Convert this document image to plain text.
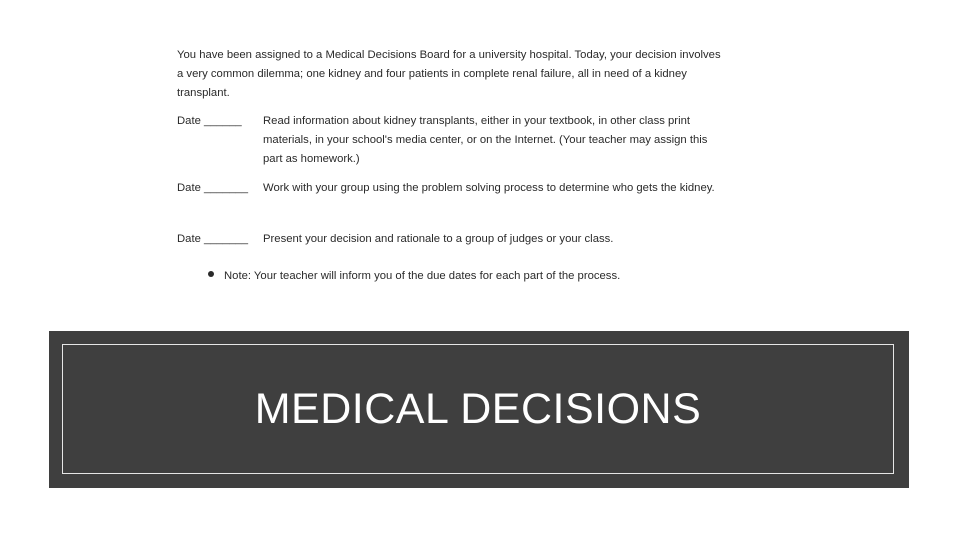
You have been assigned to a Medical Decisions Board for a university hospital. Today, your decision involves a very common dilemma; one kidney and four patients in complete renal failure, all in need of a kidney transplant.
Date ______ Read information about kidney transplants, either in your textbook, in other class print materials, in your school's media center, or on the Internet. (Your teacher may assign this part as homework.)
Date _______ Work with your group using the problem solving process to determine who gets the kidney.
Date _______ Present your decision and rationale to a group of judges or your class.
Note: Your teacher will inform you of the due dates for each part of the process.
MEDICAL DECISIONS
